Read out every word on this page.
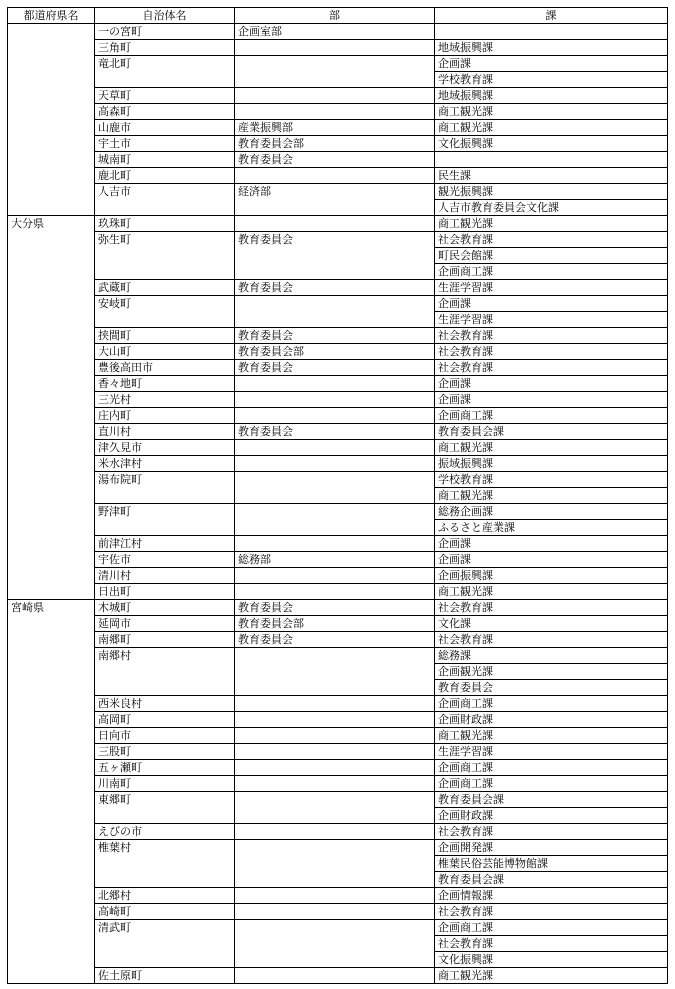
都道府県名	自治体名	部	課
	一の宮町	企画室部	
	三角町		地域振興課
	竜北町		企画課
			学校教育課
	天草町		地域振興課
	高森町		商工観光課
	山鹿市	産業振興部	商工観光課
	宇土市	教育委員会部	文化振興課
	城南町	教育委員会	
	鹿北町		民生課
	人吉市	経済部	観光振興課
			人吉市教育委員会文化課
大分県	玖珠町		商工観光課
	弥生町	教育委員会	社会教育課
			町民会館課
			企画商工課
	武蔵町	教育委員会	生涯学習課
	安岐町		企画課
			生涯学習課
	挟間町	教育委員会	社会教育課
	大山町	教育委員会部	社会教育課
	豊後高田市	教育委員会	社会教育課
	香々地町		企画課
	三光村		企画課
	庄内町		企画商工課
	直川村	教育委員会	教育委員会課
	津久見市		商工観光課
	米水津村		振域振興課
	湯布院町		学校教育課
			商工観光課
	野津町		総務企画課
			ふるさと産業課
	前津江村		企画課
	宇佐市	総務部	企画課
	清川村		企画振興課
	日出町		商工観光課
宮崎県	木城町	教育委員会	社会教育課
	延岡市	教育委員会部	文化課
	南郷町	教育委員会	社会教育課
	南郷村		総務課
			企画観光課
			教育委員会
	西米良村		企画商工課
	高岡町		企画財政課
	日向市		商工観光課
	三股町		生涯学習課
	五ヶ瀬町		企画商工課
	川南町		企画商工課
	東郷町		教育委員会課
			企画財政課
	えびの市		社会教育課
	椎葉村		企画開発課
			椎葉民俗芸能博物館課
			教育委員会課
	北郷村		企画情報課
	高崎町		社会教育課
	清武町		企画商工課
			社会教育課
			文化振興課
	佐土原町		商工観光課
